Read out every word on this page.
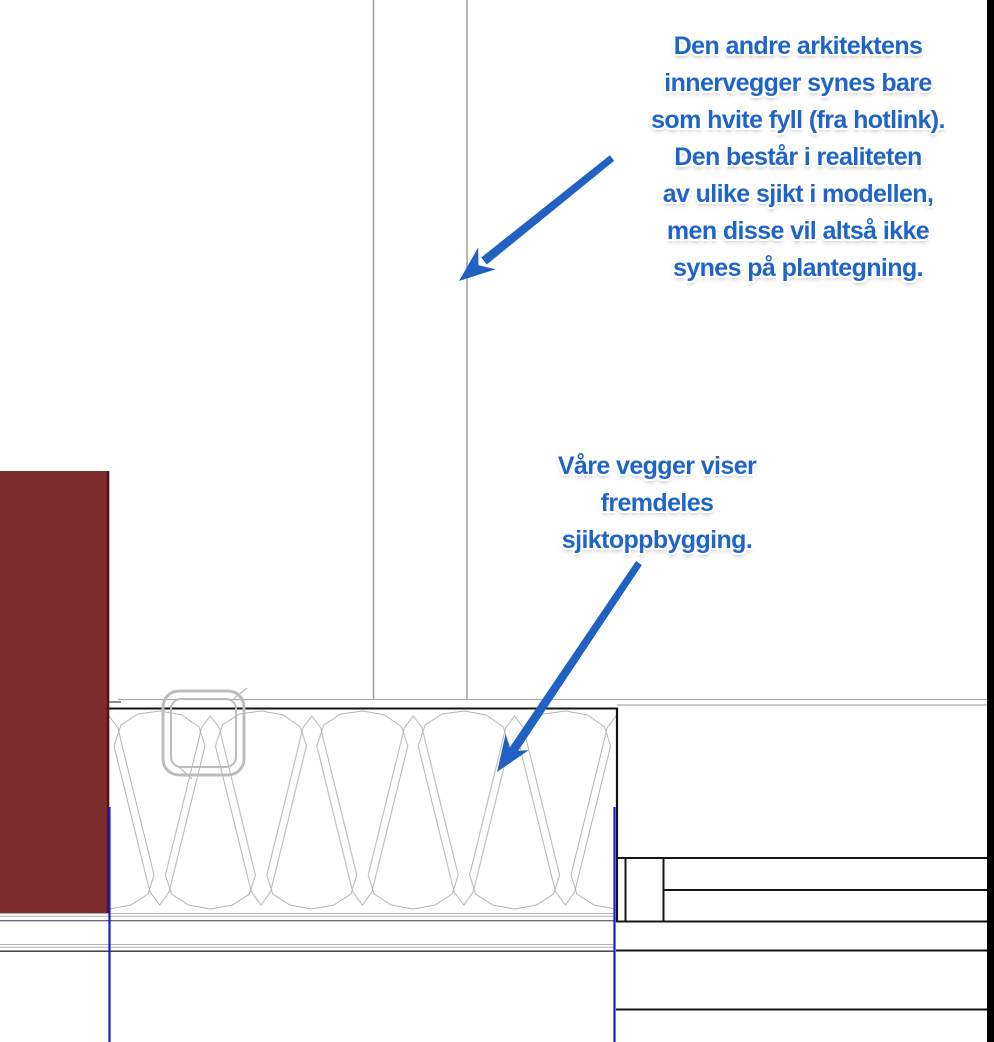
Den andre arkitektens
innervegger synes bare
som hvite fyll (fra hotlink).
Den består i realiteten
av ulike sjikt i modellen,
men disse vil altså ikke
synes på plantegning.
Våre vegger viser
fremdeles
sjiktoppbygging.
